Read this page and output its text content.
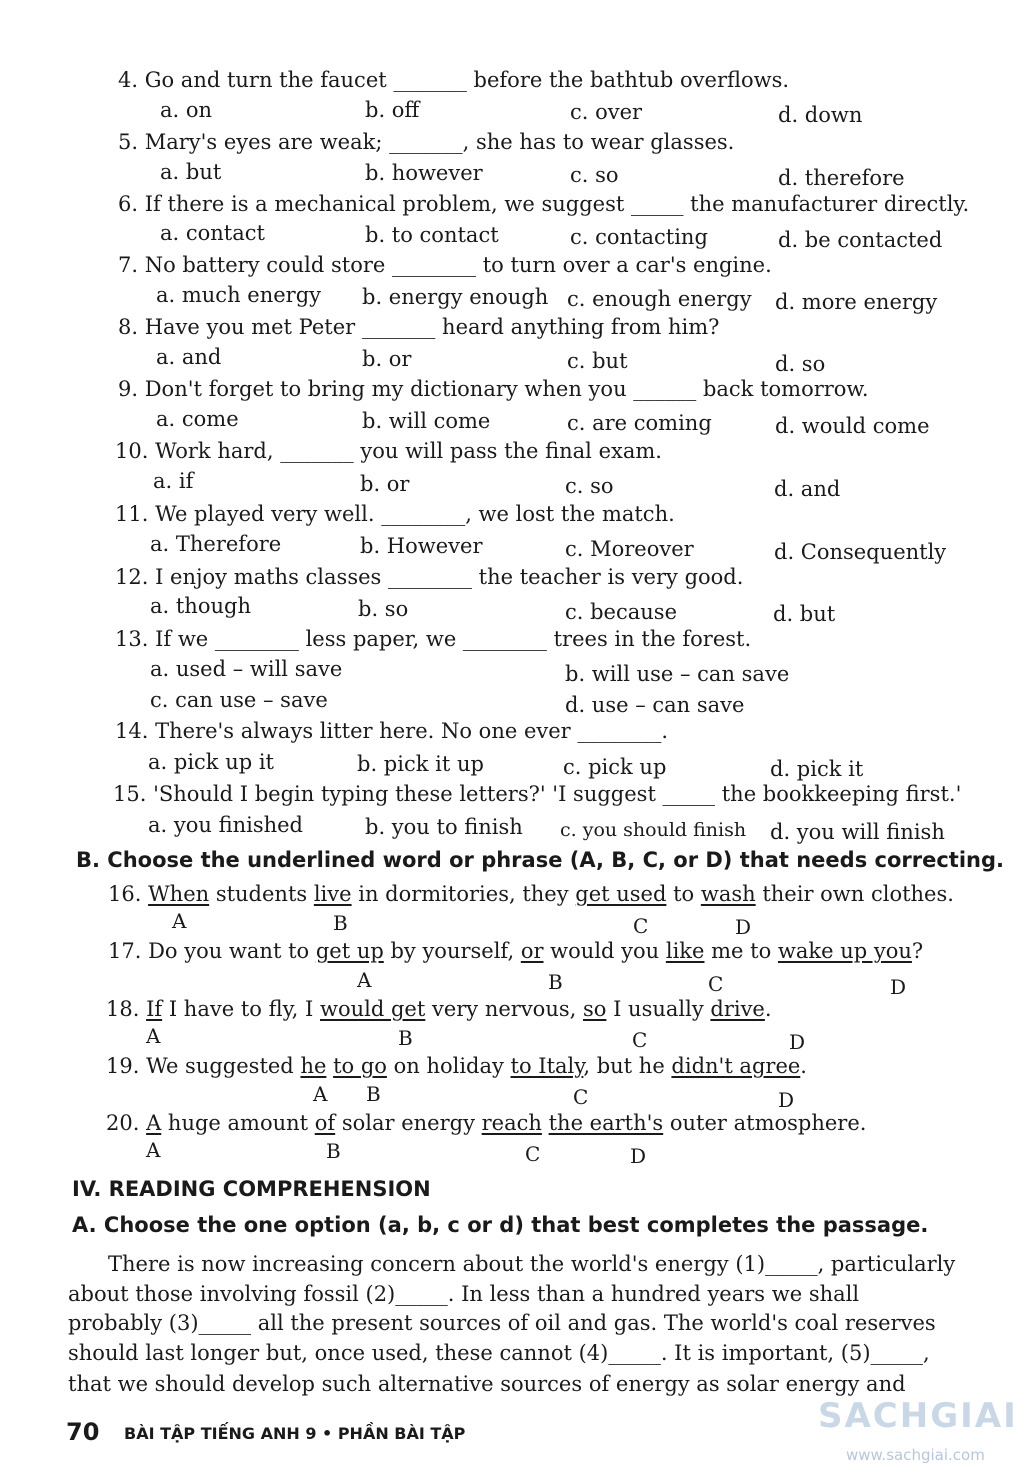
4. Go and turn the faucet _______ before the bathtub overflows.
a. on	b. off	c. over	d. down
5. Mary's eyes are weak; _______, she has to wear glasses.
a. but	b. however	c. so	d. therefore
6. If there is a mechanical problem, we suggest _____ the manufacturer directly.
a. contact	b. to contact	c. contacting	d. be contacted
7. No battery could store ________ to turn over a car's engine.
a. much energy b. energy enough c. enough energy d. more energy
8. Have you met Peter _______ heard anything from him?
a. and	b. or	c. but	d. so
9. Don't forget to bring my dictionary when you ______ back tomorrow.
a. come	b. will come	c. are coming	d. would come
10. Work hard, _______ you will pass the final exam.
a. if	b. or	c. so	d. and
11. We played very well. ________, we lost the match.
a. Therefore	b. However	c. Moreover	d. Consequently
12. I enjoy maths classes ________ the teacher is very good.
a. though	b. so	c. because	d. but
13. If we ________ less paper, we ________ trees in the forest.
a. used – will save	b. will use – can save
c. can use – save	d. use – can save
14. There's always litter here. No one ever ________.
a. pick up it	b. pick it up	c. pick up	d. pick it
15. 'Should I begin typing these letters?' 'I suggest _____ the bookkeeping first.'
a. you finished	b. you to finish c. you should finish d. you will finish
B. Choose the underlined word or phrase (A, B, C, or D) that needs correcting.
16. When students live in dormitories, they get used to wash their own clothes.
A	B	C	D
17. Do you want to get up by yourself, or would you like me to wake up you?
A	B	C	D
18. If I have to fly, I would get very nervous, so I usually drive.
A	B	C	D
19. We suggested he to go on holiday to Italy, but he didn't agree.
A B	C	D
20. A huge amount of solar energy reach the earth's outer atmosphere.
A	B	C	D
IV. READING COMPREHENSION
A. Choose the one option (a, b, c or d) that best completes the passage.
There is now increasing concern about the world's energy (1)_____, particularly
about those involving fossil (2)_____. In less than a hundred years we shall
probably (3)_____ all the present sources of oil and gas. The world's coal reserves
should last longer but, once used, these cannot (4)_____. It is important, (5)_____,
that we should develop such alternative sources of energy as solar energy and
70 BÀI TẬP TIẾNG ANH 9 • PHẦN BÀI TẬP	SACHGIAI
www.sachgiai.com
